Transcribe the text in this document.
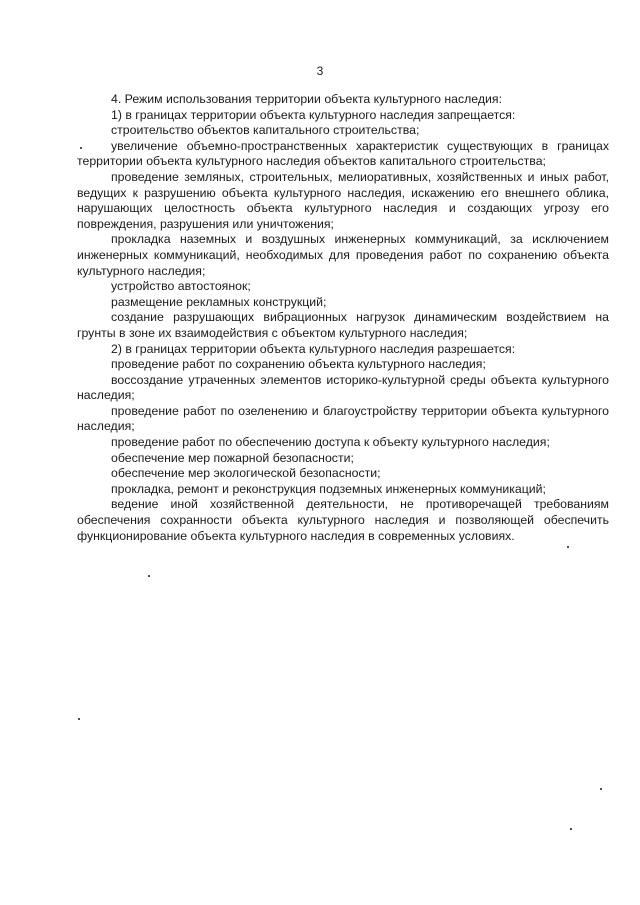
3

4. Режим использования территории объекта культурного наследия:

1) в границах территории объекта культурного наследия запрещается:

строительство объектов капитального строительства;

увеличение объемно-пространственных характеристик существующих в границах территории объекта культурного наследия объектов капитального строительства;

проведение земляных, строительных, мелиоративных, хозяйственных и иных работ, ведущих к разрушению объекта культурного наследия, искажению его внешнего облика, нарушающих целостность объекта культурного наследия и создающих угрозу его повреждения, разрушения или уничтожения;

прокладка наземных и воздушных инженерных коммуникаций, за исключением инженерных коммуникаций, необходимых для проведения работ по сохранению объекта культурного наследия;

устройство автостоянок;

размещение рекламных конструкций;

создание разрушающих вибрационных нагрузок динамическим воздействием на грунты в зоне их взаимодействия с объектом культурного наследия;

2) в границах территории объекта культурного наследия разрешается:

проведение работ по сохранению объекта культурного наследия;

воссоздание утраченных элементов историко-культурной среды объекта культурного наследия;

проведение работ по озеленению и благоустройству территории объекта культурного наследия;

проведение работ по обеспечению доступа к объекту культурного наследия;

обеспечение мер пожарной безопасности;

обеспечение мер экологической безопасности;

прокладка, ремонт и реконструкция подземных инженерных коммуникаций;

ведение иной хозяйственной деятельности, не противоречащей требованиям обеспечения сохранности объекта культурного наследия и позволяющей обеспечить функционирование объекта культурного наследия в современных условиях.
